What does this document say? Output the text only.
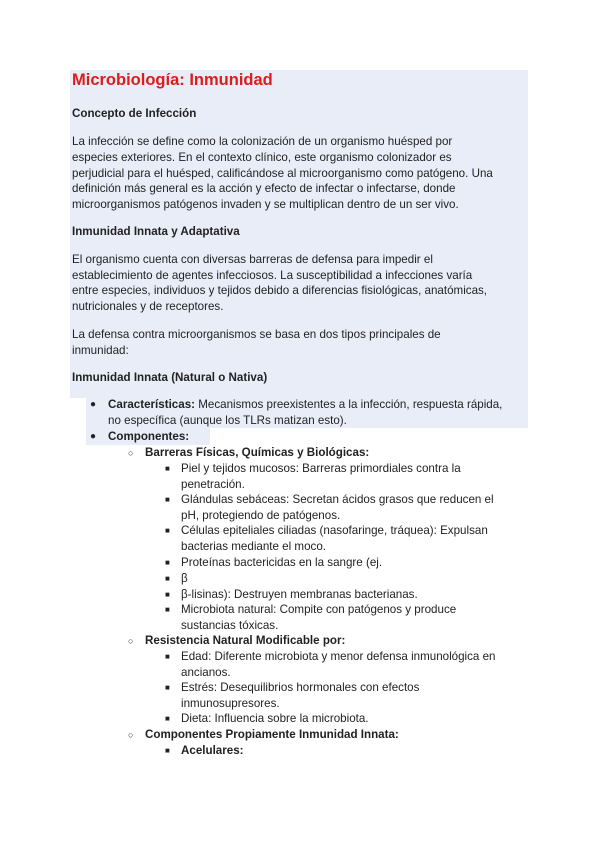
Microbiología: Inmunidad

Concepto de Infección

La infección se define como la colonización de un organismo huésped por

especies exteriores. En el contexto clínico, este organismo colonizador es

perjudicial para el huésped, calificándose al microorganismo como patógeno. Una

definición más general es la acción y efecto de infectar o infectarse, donde

microorganismos patógenos invaden y se multiplican dentro de un ser vivo.

Inmunidad Innata y Adaptativa

El organismo cuenta con diversas barreras de defensa para impedir el

establecimiento de agentes infecciosos. La susceptibilidad a infecciones varía

entre especies, individuos y tejidos debido a diferencias fisiológicas, anatómicas,

nutricionales y de receptores.

La defensa contra microorganismos se basa en dos tipos principales de

inmunidad:

Inmunidad Innata (Natural o Nativa)

● Características: Mecanismos preexistentes a la infección, respuesta rápida,

no específica (aunque los TLRs matizan esto).

● Componentes:

○ Barreras Físicas, Químicas y Biológicas:

■ Piel y tejidos mucosos: Barreras primordiales contra la

penetración.

■ Glándulas sebáceas: Secretan ácidos grasos que reducen el

pH, protegiendo de patógenos.

■ Células epiteliales ciliadas (nasofaringe, tráquea): Expulsan

bacterias mediante el moco.

■ Proteínas bactericidas en la sangre (ej.

■ β

■ β-lisinas): Destruyen membranas bacterianas.

■ Microbiota natural: Compite con patógenos y produce

sustancias tóxicas.

○ Resistencia Natural Modificable por:

■ Edad: Diferente microbiota y menor defensa inmunológica en

ancianos.

■ Estrés: Desequilibrios hormonales con efectos

inmunosupresores.

■ Dieta: Influencia sobre la microbiota.

○ Componentes Propiamente Inmunidad Innata:

■ Acelulares:
